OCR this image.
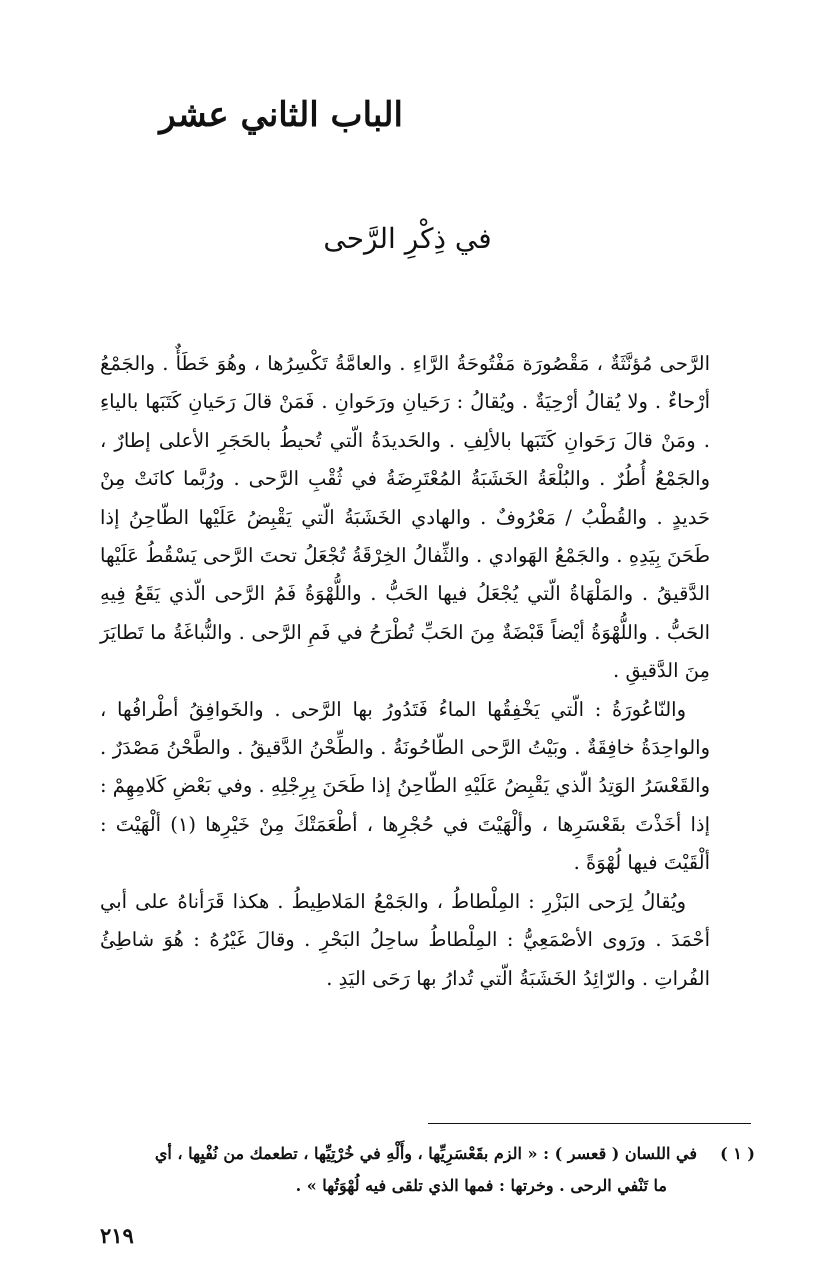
الباب الثاني عشر
في ذِكْرِ الرَّحى

الرَّحى مُؤنَّثَةٌ ، مَقْصُورَة مَفْتُوحَةُ الرَّاءِ . والعامَّةُ تَكْسِرُها ، وهُوَ خَطَأٌ . والجَمْعُ أرْحاءٌ . ولا يُقالُ أرْحِيَةٌ . ويُقالُ : رَحَيانِ ورَحَوانِ . فَمَنْ قالَ رَحَيانِ كَتَبَها بالياءِ . ومَنْ قالَ رَحَوانِ كَتَبَها بالألِفِ . والحَديدَةُ الّتي تُحيطُ بالحَجَرِ الأعلى إطارٌ ، والجَمْعُ أُطُرٌ . والبُلْعَةُ الخَشَبَةُ المُعْتَرِضَةُ في ثُقْبِ الرَّحى . ورُبَّما كانَتْ مِنْ حَديدٍ . والقُطْبُ / مَعْرُوفٌ . والهادي الخَشَبَةُ الّتي يَقْبِضُ عَلَيْها الطّاحِنُ إذا طَحَنَ بِيَدِهِ . والجَمْعُ الهَوادي . والثِّفالُ الخِرْقَةُ تُجْعَلُ تحتَ الرَّحى يَسْقُطُ عَلَيْها الدَّقيقُ . والمَلْهَاةُ الّتي يُجْعَلُ فيها الحَبُّ . واللُّهْوَةُ فَمُ الرَّحى الّذي يَقَعُ فِيهِ الحَبُّ . واللُّهْوَةُ أيْضاً قَبْضَةٌ مِنَ الحَبِّ تُطْرَحُ في فَمِ الرَّحى . والنُّباغَةُ ما تَطايَرَ مِنَ الدَّقيقِ .

والنّاعُورَةُ : الّتي يَخْفِقُها الماءُ فَتَدُورُ بها الرَّحى . والخَوافِقُ أطْرافُها ، والواحِدَةُ خافِقَةٌ . وبَيْتُ الرَّحى الطّاحُونَةُ . والطِّحْنُ الدَّقيقُ . والطَّحْنُ مَصْدَرٌ . والقَعْسَرُ الوَتِدُ الّذي يَقْبِضُ عَلَيْهِ الطّاحِنُ إذا طَحَنَ بِرِجْلِهِ . وفي بَعْضِ كَلامِهِمْ : إذا أخَذْتَ بقَعْسَرِها ، وألْهَيْتَ في حُجْرِها ، أطْعَمَتْكَ مِنْ خَيْرِها (١) ألْهَيْتَ : ألْقَيْتَ فيها لُهْوَةً .

ويُقالُ لِرَحى البَزْرِ : المِلْطاطُ ، والجَمْعُ المَلاطِيطُ . هكذا قَرَأناهُ على أبي أحْمَدَ . ورَوى الأصْمَعِيُّ : المِلْطاطُ ساحِلُ البَحْرِ . وقالَ غَيْرُهُ : هُوَ شاطِئُ الفُراتِ . والرّائِدُ الخَشَبَةُ الّتي تُدارُ بها رَحَى اليَدِ .

( ١ )في اللسان ( قعسر ) : « الزم بقَعْسَرِيِّها ، وأَلْهِ في خُرْتِيِّها ، تطعمك من نُفْيِها ، أي
ما تَنْفي الرحى . وخرتها : فمها الذي تلقى فيه لُهْوَتُها » .
٢١٩
